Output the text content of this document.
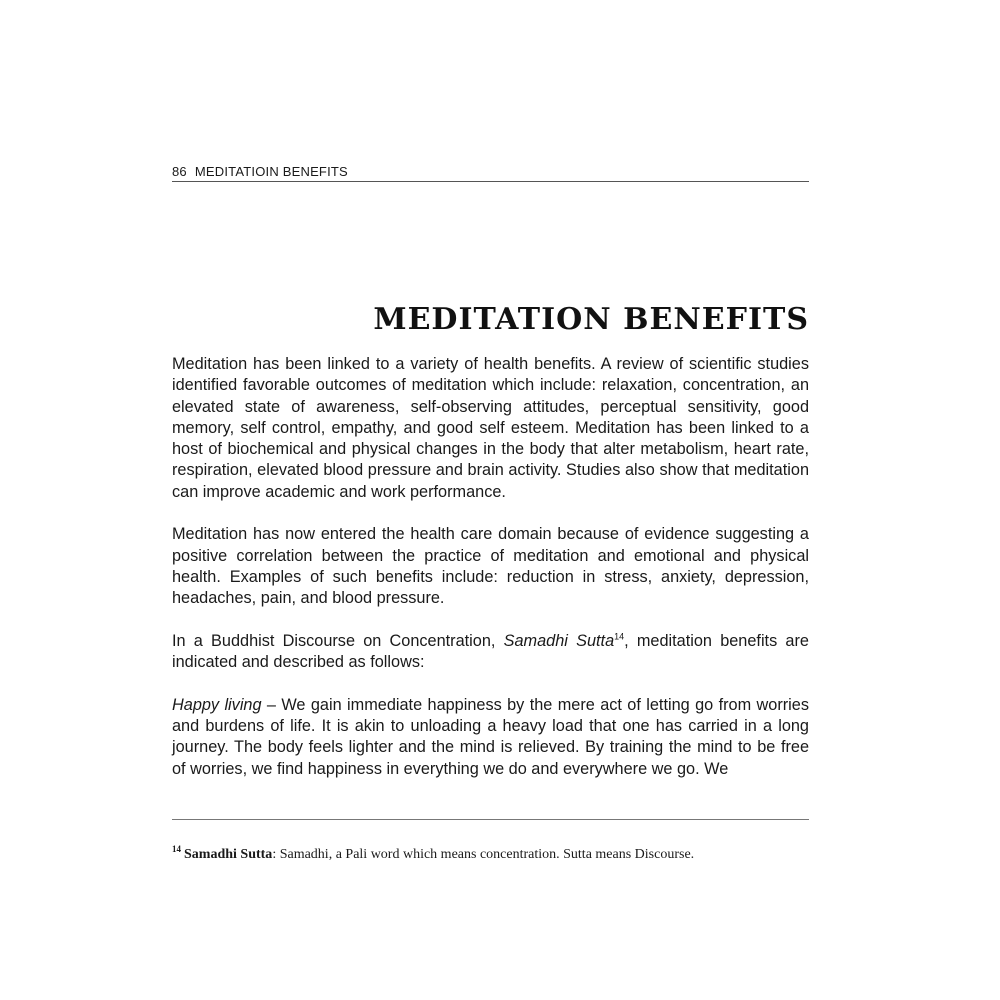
86 MEDITATIOIN BENEFITS
MEDITATION BENEFITS

Meditation has been linked to a variety of health benefits. A review of scientific studies identified favorable outcomes of meditation which include: relaxation, concentration, an elevated state of awareness, self-observing attitudes, perceptual sensitivity, good memory, self control, empathy, and good self esteem. Meditation has been linked to a host of biochemical and physical changes in the body that alter metabolism, heart rate, respiration, elevated blood pressure and brain activity. Studies also show that meditation can improve academic and work performance.

Meditation has now entered the health care domain because of evidence suggesting a positive correlation between the practice of meditation and emotional and physical health. Examples of such benefits include: reduction in stress, anxiety, depression, headaches, pain, and blood pressure.

In a Buddhist Discourse on Concentration, Samadhi Sutta$^{14}$, meditation benefits are indicated and described as follows:

Happy living – We gain immediate happiness by the mere act of letting go from worries and burdens of life. It is akin to unloading a heavy load that one has carried in a long journey. The body feels lighter and the mind is relieved. By training the mind to be free of worries, we find happiness in everything we do and everywhere we go. We

$^{14}$ Samadhi Sutta: Samadhi, a Pali word which means concentration. Sutta means Discourse.
